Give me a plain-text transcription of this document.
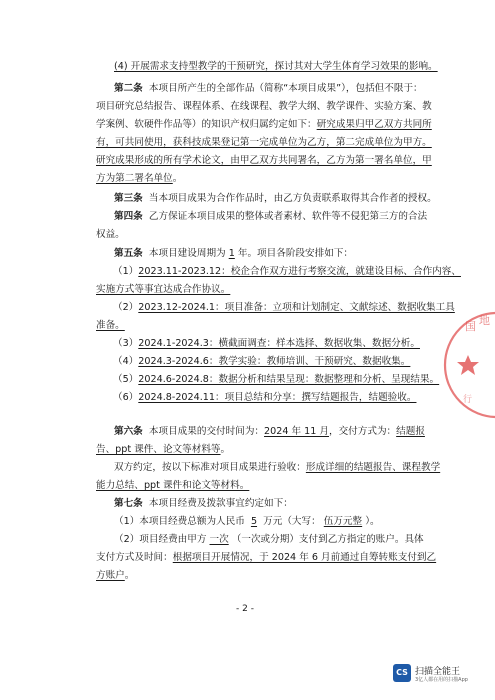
(4) 开展需求支持型教学的干预研究，探讨其对大学生体育学习效果的影响。
第二条 本项目所产生的全部作品（简称“本项目成果”），包括但不限于：
项目研究总结报告、课程体系、在线课程、教学大纲、教学课件、实验方案、教
学案例、软硬件作品等）的知识产权归属约定如下：研究成果归甲乙双方共同所
有，可共同使用，获科技成果登记第一完成单位为乙方，第二完成单位为甲方。
研究成果形成的所有学术论文，由甲乙双方共同署名，乙方为第一署名单位，甲
方为第二署名单位。
第三条 当本项目成果为合作作品时，由乙方负责联系取得其合作者的授权。
第四条 乙方保证本项目成果的整体或者素材、软件等不侵犯第三方的合法
权益。
第五条 本项目建设周期为 1 年。项目各阶段安排如下：
（1）2023.11-2023.12：校企合作双方进行考察交流，就建设目标、合作内容、
实施方式等事宜达成合作协议。
（2）2023.12-2024.1：项目准备：立项和计划制定、文献综述、数据收集工具
准备。
（3）2024.1-2024.3：横截面调查：样本选择、数据收集、数据分析。
（4）2024.3-2024.6：教学实验：教师培训、干预研究、数据收集。
（5）2024.6-2024.8：数据分析和结果呈现：数据整理和分析、呈现结果。
（6）2024.8-2024.11：项目总结和分享：撰写结题报告，结题验收。
第六条 本项目成果的交付时间为：2024 年 11 月，交付方式为：结题报
告、ppt 课件、论文等材料等。
双方约定，按以下标准对项目成果进行验收：形成详细的结题报告、课程教学
能力总结、ppt 课件和论文等材料。
第七条 本项目经费及拨款事宜约定如下：
（1）本项目经费总额为人民币 5 万元（大写： 伍万元整 ）。
（2）项目经费由甲方 一次 （一次或分期）支付到乙方指定的账户。具体
支付方式及时间：根据项目开展情况，于 2024 年 6 月前通过自筹转账支付到乙
方账户。
- 2 -
国 地
行
CS 扫描全能王
3亿人都在用的扫描App
